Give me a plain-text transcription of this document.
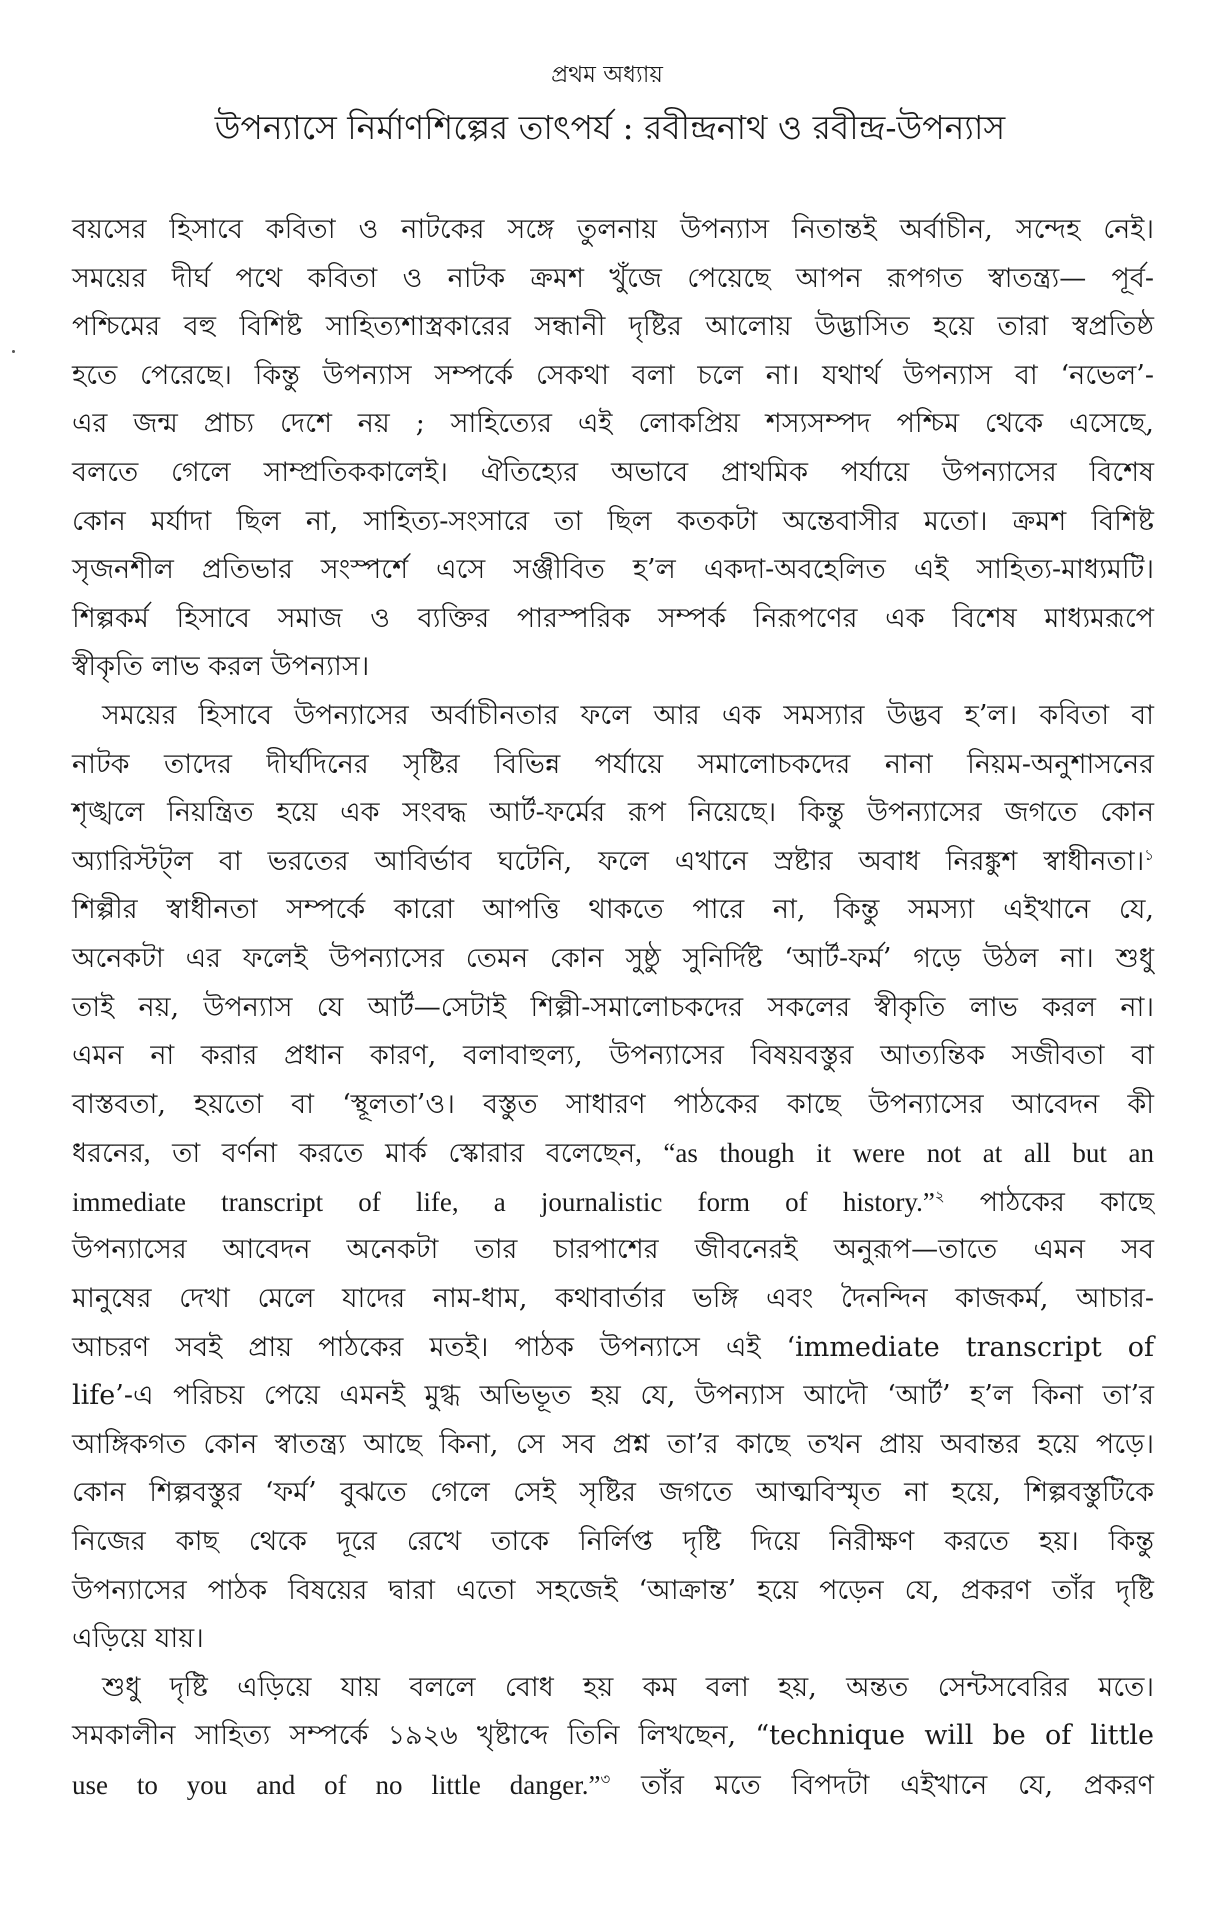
প্রথম অধ্যায়
উপন্যাসে নির্মাণশিল্পের তাৎপর্য : রবীন্দ্রনাথ ও রবীন্দ্র-উপন্যাস
বয়সের হিসাবে কবিতা ও নাটকের সঙ্গে তুলনায় উপন্যাস নিতান্তই অর্বাচীন, সন্দেহ নেই।
সময়ের দীর্ঘ পথে কবিতা ও নাটক ক্রমশ খুঁজে পেয়েছে আপন রূপগত স্বাতন্ত্র্য— পূর্ব-
পশ্চিমের বহু বিশিষ্ট সাহিত্যশাস্ত্রকারের সন্ধানী দৃষ্টির আলোয় উদ্ভাসিত হয়ে তারা স্বপ্রতিষ্ঠ
হতে পেরেছে। কিন্তু উপন্যাস সম্পর্কে সেকথা বলা চলে না। যথার্থ উপন্যাস বা ‘নভেল’-
এর জন্ম প্রাচ্য দেশে নয় ; সাহিত্যের এই লোকপ্রিয় শস্যসম্পদ পশ্চিম থেকে এসেছে,
বলতে গেলে সাম্প্রতিককালেই। ঐতিহ্যের অভাবে প্রাথমিক পর্যায়ে উপন্যাসের বিশেষ
কোন মর্যাদা ছিল না, সাহিত্য-সংসারে তা ছিল কতকটা অন্তেবাসীর মতো। ক্রমশ বিশিষ্ট
সৃজনশীল প্রতিভার সংস্পর্শে এসে সঞ্জীবিত হ’ল একদা-অবহেলিত এই সাহিত্য-মাধ্যমটি।
শিল্পকর্ম হিসাবে সমাজ ও ব্যক্তির পারস্পরিক সম্পর্ক নিরূপণের এক বিশেষ মাধ্যমরূপে
স্বীকৃতি লাভ করল উপন্যাস।
সময়ের হিসাবে উপন্যাসের অর্বাচীনতার ফলে আর এক সমস্যার উদ্ভব হ’ল। কবিতা বা
নাটক তাদের দীর্ঘদিনের সৃষ্টির বিভিন্ন পর্যায়ে সমালোচকদের নানা নিয়ম-অনুশাসনের
শৃঙ্খলে নিয়ন্ত্রিত হয়ে এক সংবদ্ধ আর্ট-ফর্মের রূপ নিয়েছে। কিন্তু উপন্যাসের জগতে কোন
অ্যারিস্টট্ল বা ভরতের আবির্ভাব ঘটেনি, ফলে এখানে স্রষ্টার অবাধ নিরঙ্কুশ স্বাধীনতা।$^১$
শিল্পীর স্বাধীনতা সম্পর্কে কারো আপত্তি থাকতে পারে না, কিন্তু সমস্যা এইখানে যে,
অনেকটা এর ফলেই উপন্যাসের তেমন কোন সুষ্ঠু সুনির্দিষ্ট ‘আর্ট-ফর্ম’ গড়ে উঠল না। শুধু
তাই নয়, উপন্যাস যে আর্ট—সেটাই শিল্পী-সমালোচকদের সকলের স্বীকৃতি লাভ করল না।
এমন না করার প্রধান কারণ, বলাবাহুল্য, উপন্যাসের বিষয়বস্তুর আত্যন্তিক সজীবতা বা
বাস্তবতা, হয়তো বা ‘স্থূলতা’ও। বস্তুত সাধারণ পাঠকের কাছে উপন্যাসের আবেদন কী
ধরনের, তা বর্ণনা করতে মার্ক স্কোরার বলেছেন, “as though it were not at all but an
immediate transcript of life, a journalistic form of history.”$^২$ পাঠকের কাছে
উপন্যাসের আবেদন অনেকটা তার চারপাশের জীবনেরই অনুরূপ—তাতে এমন সব
মানুষের দেখা মেলে যাদের নাম-ধাম, কথাবার্তার ভঙ্গি এবং দৈনন্দিন কাজকর্ম, আচার-
আচরণ সবই প্রায় পাঠকের মতই। পাঠক উপন্যাসে এই ‘immediate transcript of
life’-এ পরিচয় পেয়ে এমনই মুগ্ধ অভিভূত হয় যে, উপন্যাস আদৌ ‘আর্ট’ হ’ল কিনা তা’র
আঙ্গিকগত কোন স্বাতন্ত্র্য আছে কিনা, সে সব প্রশ্ন তা’র কাছে তখন প্রায় অবান্তর হয়ে পড়ে।
কোন শিল্পবস্তুর ‘ফর্ম’ বুঝতে গেলে সেই সৃষ্টির জগতে আত্মবিস্মৃত না হয়ে, শিল্পবস্তুটিকে
নিজের কাছ থেকে দূরে রেখে তাকে নির্লিপ্ত দৃষ্টি দিয়ে নিরীক্ষণ করতে হয়। কিন্তু
উপন্যাসের পাঠক বিষয়ের দ্বারা এতো সহজেই ‘আক্রান্ত’ হয়ে পড়েন যে, প্রকরণ তাঁর দৃষ্টি
এড়িয়ে যায়।
শুধু দৃষ্টি এড়িয়ে যায় বললে বোধ হয় কম বলা হয়, অন্তত সেন্টসবেরির মতে।
সমকালীন সাহিত্য সম্পর্কে ১৯২৬ খৃষ্টাব্দে তিনি লিখছেন, “technique will be of little
use to you and of no little danger.”$^৩$ তাঁর মতে বিপদটা এইখানে যে, প্রকরণ
